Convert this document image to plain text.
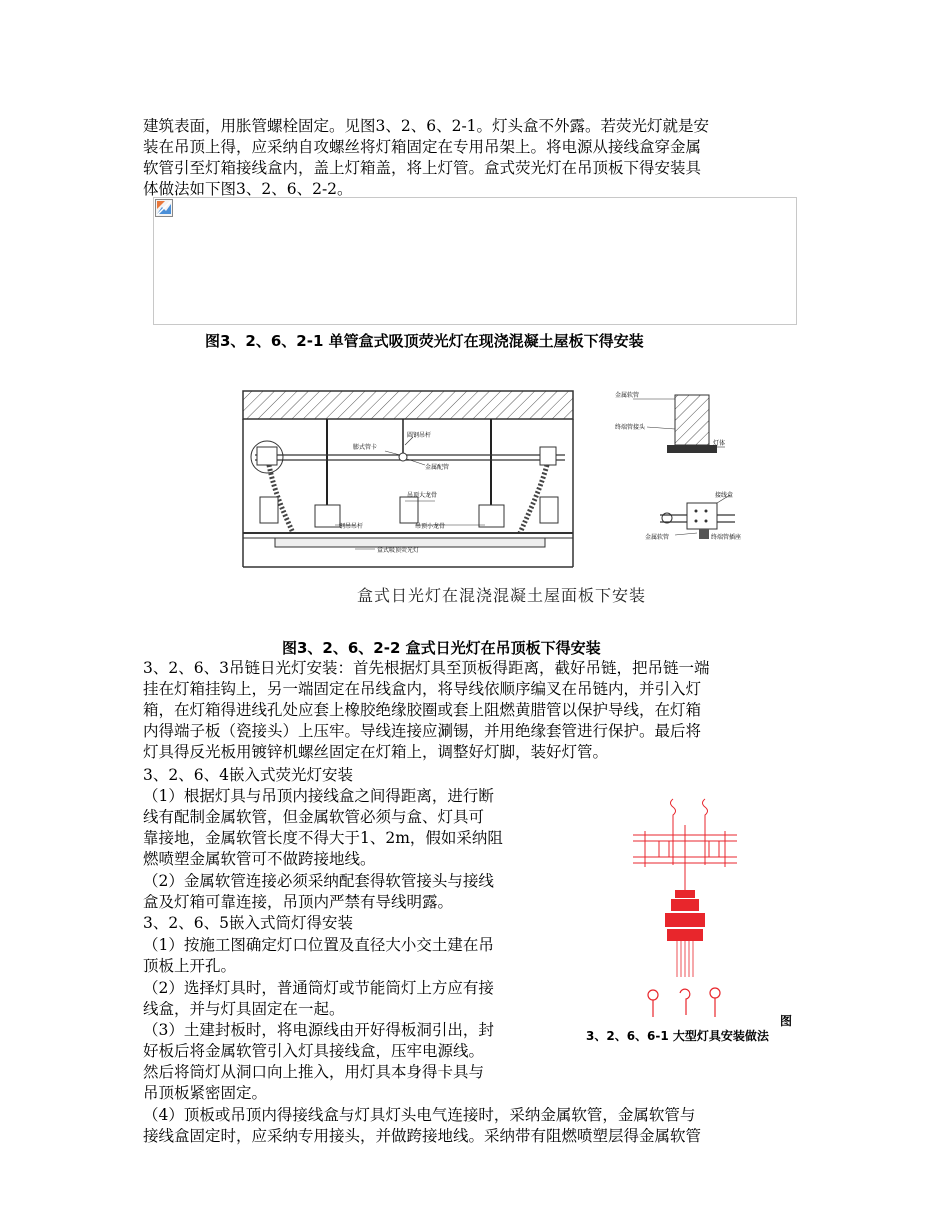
建筑表面，用胀管螺栓固定。见图3、2、6、2-1。灯头盒不外露。若荧光灯就是安

装在吊顶上得，应采纳自攻螺丝将灯箱固定在专用吊架上。将电源从接线盒穿金属

软管引至灯箱接线盒内，盖上灯箱盖，将上灯管。盒式荧光灯在吊顶板下得安装具

体做法如下图3、2、6、2-2。

图3、2、6、2-1 单管盒式吸顶荧光灯在现浇混凝土屋板下得安装
膨式管卡
圆钢吊杆
金属配管
吊顶大龙骨
钢吊吊杆	吊顶小龙骨
盒式吸顶荧光灯
金属软管
终端管接头
灯体
接线盒
金属软管	终端管插座
盒式日光灯在混浇混凝土屋面板下安装
图3、2、6、2-2 盒式日光灯在吊顶板下得安装

3、2、6、3吊链日光灯安装：首先根据灯具至顶板得距离，截好吊链，把吊链一端

挂在灯箱挂钩上，另一端固定在吊线盒内，将导线依顺序编叉在吊链内，并引入灯

箱，在灯箱得进线孔处应套上橡胶绝缘胶圈或套上阻燃黄腊管以保护导线，在灯箱

内得端子板（瓷接头）上压牢。导线连接应涮锡，并用绝缘套管进行保护。最后将

灯具得反光板用镀锌机螺丝固定在灯箱上，调整好灯脚，装好灯管。

3、2、6、4嵌入式荧光灯安装

（1）根据灯具与吊顶内接线盒之间得距离，进行断

线有配制金属软管，但金属软管必须与盒、灯具可

靠接地，金属软管长度不得大于1、2m，假如采纳阻

燃喷塑金属软管可不做跨接地线。

（2）金属软管连接必须采纳配套得软管接头与接线

盒及灯箱可靠连接，吊顶内严禁有导线明露。

3、2、6、5嵌入式筒灯得安装

（1）按施工图确定灯口位置及直径大小交土建在吊

顶板上开孔。

（2）选择灯具时，普通筒灯或节能筒灯上方应有接

线盒，并与灯具固定在一起。

（3）土建封板时，将电源线由开好得板洞引出，封

好板后将金属软管引入灯具接线盒，压牢电源线。

然后将筒灯从洞口向上推入，用灯具本身得卡具与

吊顶板紧密固定。

（4）顶板或吊顶内得接线盒与灯具灯头电气连接时，采纳金属软管，金属软管与

接线盒固定时，应采纳专用接头，并做跨接地线。采纳带有阻燃喷塑层得金属软管

图
3、2、6、6-1 大型灯具安装做法
